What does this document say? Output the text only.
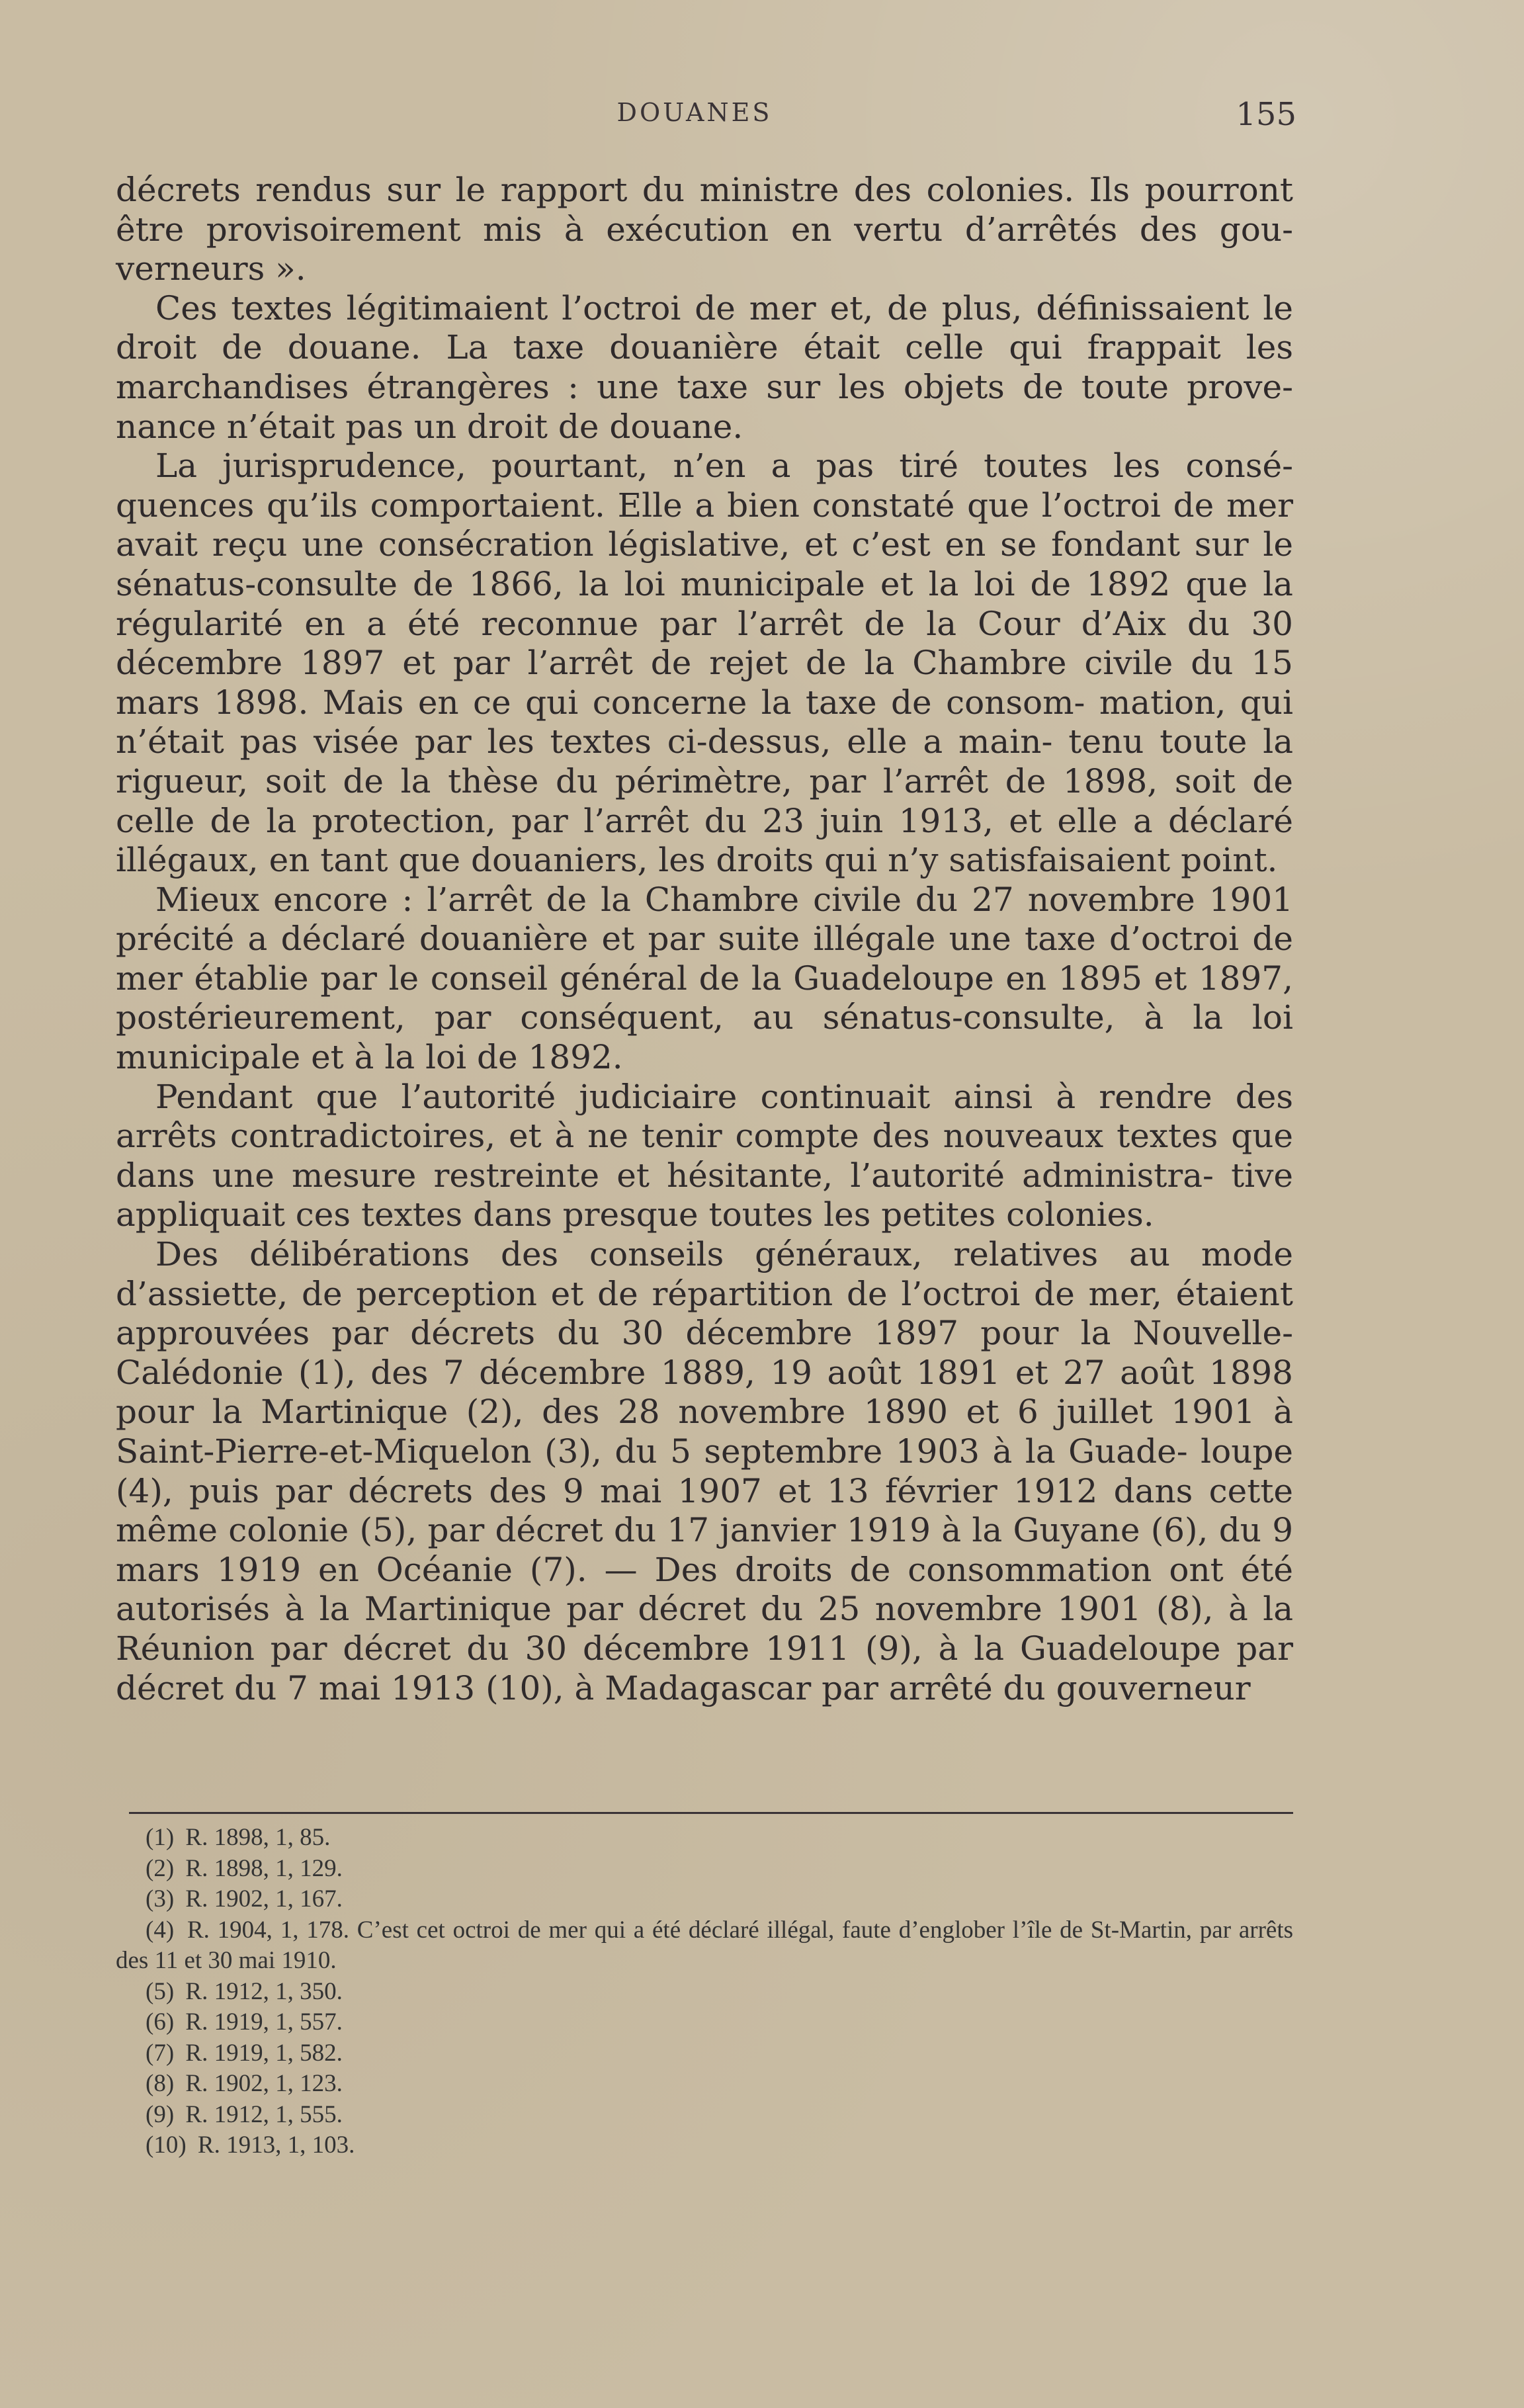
DOUANES	155

décrets rendus sur le rapport du ministre des colonies. Ils pourront être provisoirement mis à exécution en vertu d’arrêtés des gou- verneurs ».

Ces textes légitimaient l’octroi de mer et, de plus, définissaient le droit de douane. La taxe douanière était celle qui frappait les marchandises étrangères : une taxe sur les objets de toute prove- nance n’était pas un droit de douane.

La jurisprudence, pourtant, n’en a pas tiré toutes les consé- quences qu’ils comportaient. Elle a bien constaté que l’octroi de mer avait reçu une consécration législative, et c’est en se fondant sur le sénatus-consulte de 1866, la loi municipale et la loi de 1892 que la régularité en a été reconnue par l’arrêt de la Cour d’Aix du 30 décembre 1897 et par l’arrêt de rejet de la Chambre civile du 15 mars 1898. Mais en ce qui concerne la taxe de consom- mation, qui n’était pas visée par les textes ci-dessus, elle a main- tenu toute la rigueur, soit de la thèse du périmètre, par l’arrêt de 1898, soit de celle de la protection, par l’arrêt du 23 juin 1913, et elle a déclaré illégaux, en tant que douaniers, les droits qui n’y satisfaisaient point.

Mieux encore : l’arrêt de la Chambre civile du 27 novembre 1901 précité a déclaré douanière et par suite illégale une taxe d’octroi de mer établie par le conseil général de la Guadeloupe en 1895 et 1897, postérieurement, par conséquent, au sénatus-consulte, à la loi municipale et à la loi de 1892.

Pendant que l’autorité judiciaire continuait ainsi à rendre des arrêts contradictoires, et à ne tenir compte des nouveaux textes que dans une mesure restreinte et hésitante, l’autorité administra- tive appliquait ces textes dans presque toutes les petites colonies.

Des délibérations des conseils généraux, relatives au mode d’assiette, de perception et de répartition de l’octroi de mer, étaient approuvées par décrets du 30 décembre 1897 pour la Nouvelle- Calédonie (1), des 7 décembre 1889, 19 août 1891 et 27 août 1898 pour la Martinique (2), des 28 novembre 1890 et 6 juillet 1901 à Saint-Pierre-et-Miquelon (3), du 5 septembre 1903 à la Guade- loupe (4), puis par décrets des 9 mai 1907 et 13 février 1912 dans cette même colonie (5), par décret du 17 janvier 1919 à la Guyane (6), du 9 mars 1919 en Océanie (7). — Des droits de consommation ont été autorisés à la Martinique par décret du 25 novembre 1901 (8), à la Réunion par décret du 30 décembre 1911 (9), à la Guadeloupe par décret du 7 mai 1913 (10), à Madagascar par arrêté du gouverneur

(1) R. 1898, 1, 85.

(2) R. 1898, 1, 129.

(3) R. 1902, 1, 167.

(4) R. 1904, 1, 178. C’est cet octroi de mer qui a été déclaré illégal, faute d’englober l’île de St-Martin, par arrêts des 11 et 30 mai 1910.

(5) R. 1912, 1, 350.

(6) R. 1919, 1, 557.

(7) R. 1919, 1, 582.

(8) R. 1902, 1, 123.

(9) R. 1912, 1, 555.

(10) R. 1913, 1, 103.
